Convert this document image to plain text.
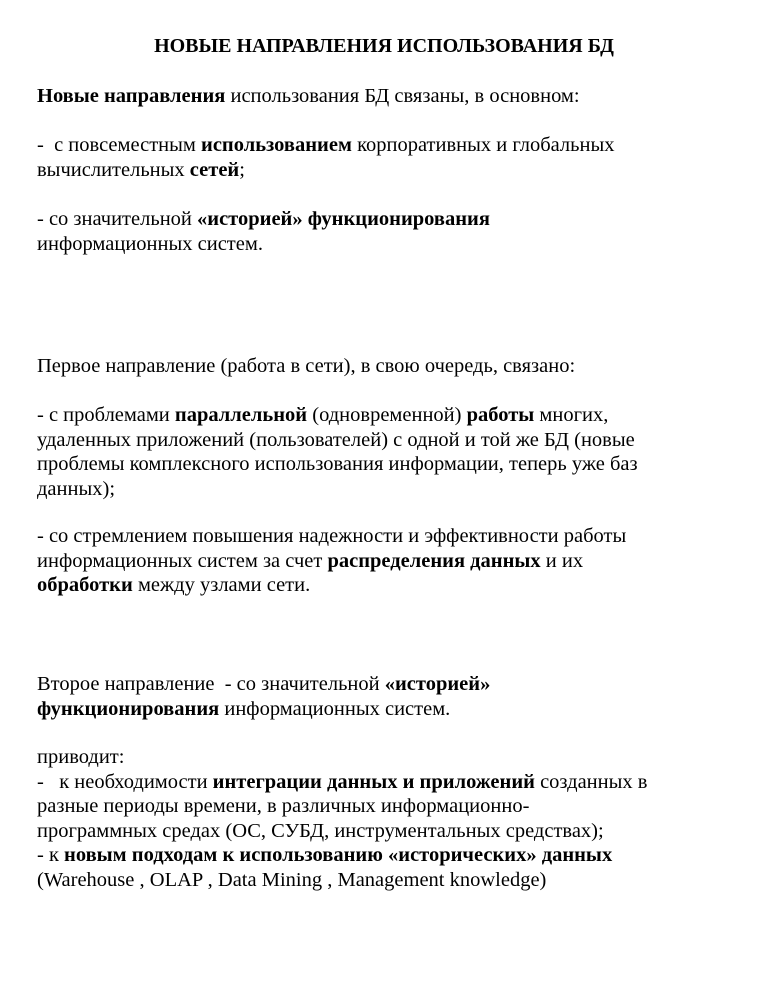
НОВЫЕ НАПРАВЛЕНИЯ ИСПОЛЬЗОВАНИЯ БД

Новые направления использования БД связаны, в основном:

-  с повсеместным использованием корпоративных и глобальных
вычислительных сетей;

- со значительной «историей» функционирования
информационных систем.

Первое направление (работа в сети), в свою очередь, связано:

- с проблемами параллельной (одновременной) работы многих,
удаленных приложений (пользователей) с одной и той же БД (новые
проблемы комплексного использования информации, теперь уже баз
данных);

- со стремлением повышения надежности и эффективности работы
информационных систем за счет распределения данных и их
обработки между узлами сети.

Второе направление  - со значительной «историей»
функционирования информационных систем.

приводит:
-   к необходимости интеграции данных и приложений созданных в
разные периоды времени, в различных информационно-
программных средах (ОС, СУБД, инструментальных средствах);
- к новым подходам к использованию «исторических» данных
(Warehouse , OLAP , Data Mining , Management knowledge)
